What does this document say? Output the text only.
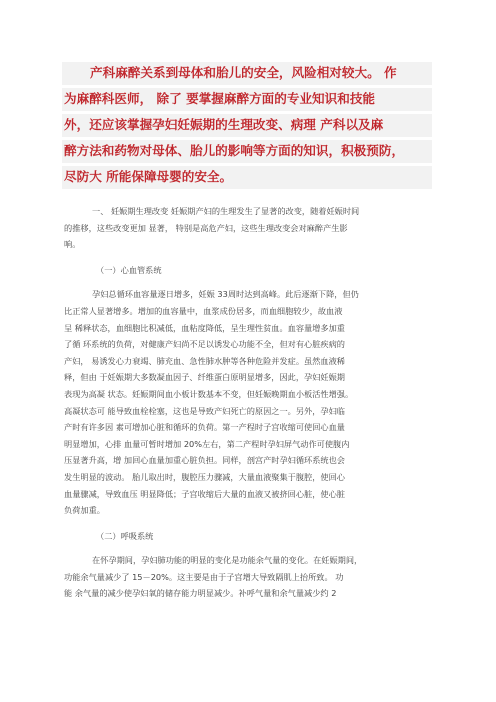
产科麻醉关系到母体和胎儿的安全，风险相对较大。 作
为麻醉科医师， 除了 要掌握麻醉方面的专业知识和技能
外，还应该掌握孕妇妊娠期的生理改变、病理 产科以及麻
醉方法和药物对母体、胎儿的影响等方面的知识，积极预防，
尽防大 所能保障母婴的安全。
一、 妊娠期生理改变 妊娠期产妇的生理发生了显著的改变，随着妊娠时间
的推移，这些改变更加 显著， 特别是高危产妇，这些生理改变会对麻醉产生影
响。
（一）心血管系统
孕妇总循环血容量逐日增多，妊娠 33周时达到高峰。此后逐渐下降，但仍
比正常人显著增多。增加的血容量中，血浆成份居多，而血细胞较少，故血液
呈 稀释状态，血细胞比积减低，血粘度降低，呈生理性贫血。血容量增多加重
了循 环系统的负荷，对健康产妇尚不足以诱发心功能不全，但对有心脏疾病的
产妇， 易诱发心力衰竭、肺充血、急性肺水肿等各种危险并发症。虽然血液稀
释，但由 于妊娠期大多数凝血因子、纤维蛋白原明显增多，因此，孕妇妊娠期
表现为高凝 状态。妊娠期间血小板计数基本不变，但妊娠晚期血小板活性增强。
高凝状态可 能导致血栓栓塞，这也是导致产妇死亡的原因之一。另外，孕妇临
产时有许多因 素可增加心脏和循环的负荷。第一产程时子宫收缩可使回心血量
明显增加，心排 血量可暂时增加 20%左右，第二产程时孕妇屏气动作可使腹内
压显著升高，增 加回心血量加重心脏负担。同样，剖宫产时孕妇循环系统也会
发生明显的波动。 胎儿取出时，腹腔压力骤减，大量血液聚集于腹腔，使回心
血量骤减，导致血压 明显降低；子宫收缩后大量的血液又被挤回心脏，使心脏
负荷加重。
（二）呼吸系统
在怀孕期间，孕妇肺功能的明显的变化是功能余气量的变化。在妊娠期间，
功能余气量减少了 15－20%。这主要是由于子宫增大导致隔肌上抬所致。 功
能 余气量的减少使孕妇氧的储存能力明显减少。补呼气量和余气量减少约 2
